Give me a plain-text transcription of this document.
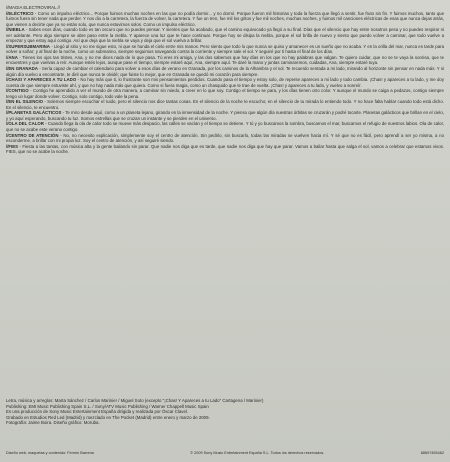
//MAGIA ELECTROVIRAL //

//ELÉCTRICO - Como un impulso eléctrico... Porque fuimos muchas noches en las que no podía dormir... y no dormí. Porque fueron mil historias y toda la fuerza que llegó a sentir, fue fruto sin fin. Y fuimos muchos, tanto que fuimos fuera sin tener nada que perder. Y nos dio a la carretera, la fuerza de volver, la carretera. Y fue un tren, fue mil los gritos y fue mil noches, muchas noches, y fuimos mil canciones eléctricas de esas que nunca dejas atrás, que vienen a decirte que ya no estás solo, que nunca estuvimos solos. Como un impulso eléctrico.

//NIEBLA - Sabes esos días, cuando todo es tan oscuro que no puedes pensar. Y sientes que ha acabado, que el camino equivocado ya llegó a su final. Días que el silencio que hay entre nosotros pesa y no puedes respirar ni ver adelante. Pero algo siempre se abre paso entre la niebla. Y aparece una luz que te hace continuar. Porque hoy se disipa la niebla, porque el sol brilla de nuevo y siento que puedo volver a caminar, que todo vuelve a empezar y que estoy aquí contigo. Así que deja que la niebla se vaya y deja que el sol vuelva a brillar.

//SUPERSUBMARINA - Llegó al sitio y no me sigue esto, ni que se hunda el cielo entre mis manos. Pero siento que todo lo que nunca se quiso y amanecer es un sueño que no acaba. Y en la orilla del mar, nunca es tarde para volver a soñar; y al final de la noche, como un submarino, siempre seguimos navegando contra la corriente y siempre sale el sol. Y seguiré por ti hasta el final de los días.

//ANA - Tienes los ojos tan tristes, Ana, y no me dices nada de lo que pasa. Tú eres mi amiga, y las dos sabemos que hay días en los que no hay palabras que valgan. Te quiero cuidar, que no se te vaya la sonrisa, que te encuentres y que vuelvas a reír. Aunque estés lejos, aunque pase el tiempo, siempre estaré aquí, Ana, siempre aquí. Te daré la mano y juntas caminaremos, cuidadas, Ana, siempre estaré tuya.

//EN GRANADA - Sería capaz de cambiar el calendario para volver a esos días de verano en Granada, por los caminos de la Alhambra y el sol. Te recuerdo sentada a mi lado, mirando al horizonte sin pensar en nada más. Y si algún día vuelvo a encontrarte, te diré que nunca te olvidé; que fuiste lo mejor, que en Granada se quedó mi corazón para siempre.

//CHAS! Y APARECES A TU LADO - No hay más que ti, lo frustrante son mis pensamientos perdidos. Cuando pasa el tiempo y estoy solo, de repente apareces a mi lado y todo cambia. ¡Chas! y apareces a tu lado, y me doy cuenta de que siempre estuviste ahí, y que no hay nada más que quiera. Como si fuera magia, como un chasquido que te trae de vuelta. ¡Chas! y apareces a tu lado, y vuelvo a sonreír.

//CONTIGO - Contigo he aprendido a ver el mundo de otra manera, a caminar sin miedo, a creer en lo que soy. Contigo el tiempo se para, y los días tienen otro color. Y aunque el mundo se caiga a pedazos, contigo siempre tengo un lugar donde volver. Contigo, solo contigo, todo vale la pena.

//EN EL SILENCIO - Solemos siempre escuchar el ruido, pero el silencio nos dice tantas cosas. En el silencio de la noche te escucho; en el silencio de tu mirada lo entiendo todo. Y no hace falta hablar cuando todo está dicho. En el silencio, te encuentro.

//PLANETAS GALÁCTICOS - Te miro desde aquí, como a un planeta lejano, girando en la inmensidad de la noche. Y pienso que algún día nuestras órbitas se cruzarán y podré tocarte. Planetas galácticos que brillan en el cielo, y yo aquí esperando, buscando tu luz. Somos estrellas que se cruzan un instante y se pierden en el universo.

//OLA DEL CALOR - Cuando llega la ola de calor todo se mueve más despacio, las calles se vacían y el tiempo se detiene. Y tú y yo buscamos la sombra, buscamos el mar, buscamos el refugio de nuestros labios. Ola de calor, que no se acabe este verano contigo.

//CENTRO DE ATENCIÓN - No, no necesito explicación, simplemente soy el centro de atención. Sin pedirlo, sin buscarlo, todas las miradas se vuelven hacia mí. Y sé que no es fácil, pero aprendí a ser yo misma, a no esconderme, a brillar con mi propia luz. Soy el centro de atención, y así seguiré siendo.

//FIES - Fiesta a las tantas, con música alta y la gente bailando sin parar. Que nadie nos diga que es tarde, que nadie nos diga que hay que parar. Vamos a bailar hasta que salga el sol, vamos a celebrar que estamos vivos. FIES, que no se acabe la noche.

Letra, música y arreglos: Marta Sánchez / Carlos Marinier / Miguel Soto (excepto "¡Chas! Y Apareces a tu Lado" Cartagena / Marinier)
Publishing: EMI Music Publishing Spain S.L. / Sony/ATV Music Publishing / Warner Chappell Music Spain
Es una producción de Sony Music Entertainment España dirigida y realizada por Óscar Clavel.
Grabado en Estudios Red Led (Madrid) y mezclado en The Pocket (Madrid) entre enero y marzo de 2009.
Fotografía: Jaime Boira. Diseño gráfico: Moruba.
Diseño web, maquetas y contenido: Fermín Barrena	© 2009 Sony Music Entertainment España S.L. Todos los derechos reservados.	88697455462
